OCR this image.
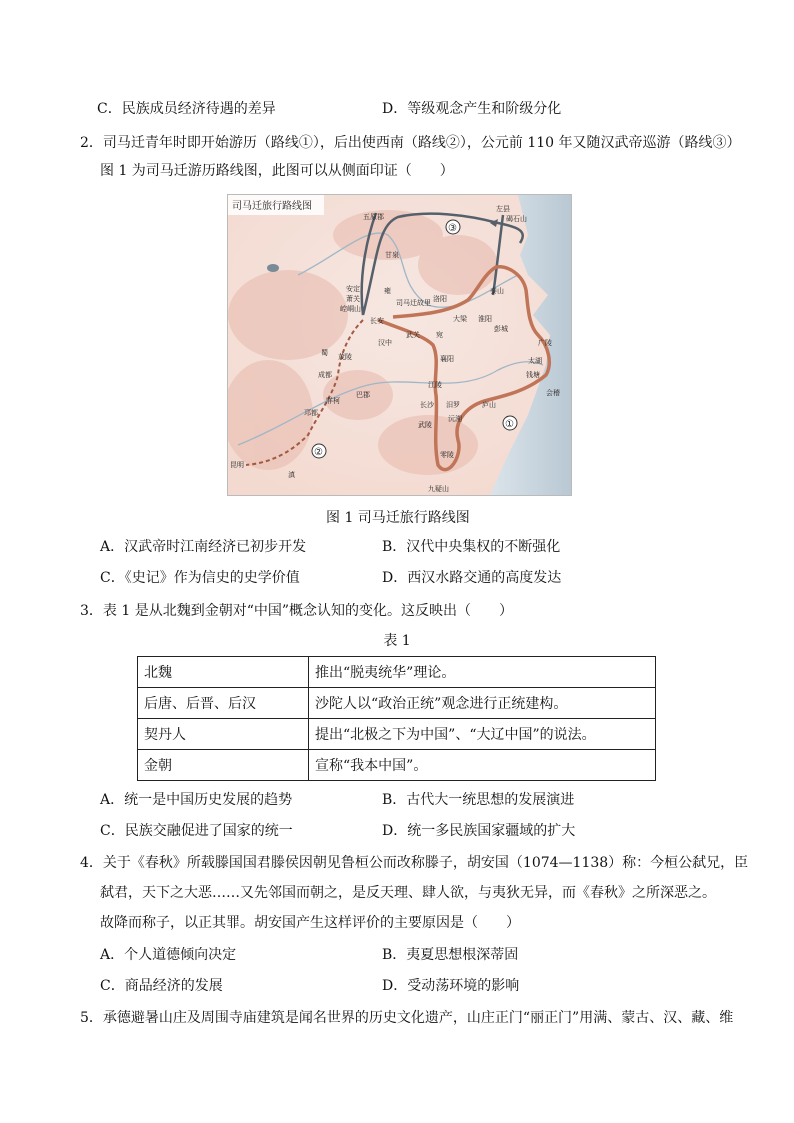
C．民族成员经济待遇的差异	D．等级观念产生和阶级分化
2．司马迁青年时即开始游历（路线①），后出使西南（路线②），公元前 110 年又随汉武帝巡游（路线③）
图 1 为司马迁游历路线图，此图可以从侧面印证（　　）
司马迁旅行路线图
③
①
②
五原郡
左县
碣石山
甘泉
安定
萧关
崆峒山
雍
司马迁故里
长安
洛阳
泰山
大梁 淮阳
彭城
武关 宛
汉中
茂陵
蜀
襄阳
成都
江陵
广陵
太湖
钱塘
会稽
庐山
汨罗
长沙
沅湘
武陵
零陵
九疑山
巴郡
牂柯
邛都
滇
昆明
图 1 司马迁旅行路线图
A．汉武帝时江南经济已初步开发	B．汉代中央集权的不断强化
C．《史记》作为信史的史学价值	D．西汉水路交通的高度发达
3．表 1 是从北魏到金朝对“中国”概念认知的变化。这反映出（　　）
表 1
北魏	推出“脱夷统华”理论。
后唐、后晋、后汉	沙陀人以“政治正统”观念进行正统建构。
契丹人	提出“北极之下为中国”、“大辽中国”的说法。
金朝	宣称“我本中国”。
A．统一是中国历史发展的趋势	B．古代大一统思想的发展演进
C．民族交融促进了国家的统一	D．统一多民族国家疆域的扩大
4．关于《春秋》所载滕国国君滕侯因朝见鲁桓公而改称滕子，胡安国（1074—1138）称：今桓公弑兄，臣
弑君，天下之大恶……又先邻国而朝之，是反天理、肆人欲，与夷狄无异，而《春秋》之所深恶之。
故降而称子，以正其罪。胡安国产生这样评价的主要原因是（　　）
A．个人道德倾向决定	B．夷夏思想根深蒂固
C．商品经济的发展	D．受动荡环境的影响
5．承德避暑山庄及周围寺庙建筑是闻名世界的历史文化遗产，山庄正门“丽正门”用满、蒙古、汉、藏、维
